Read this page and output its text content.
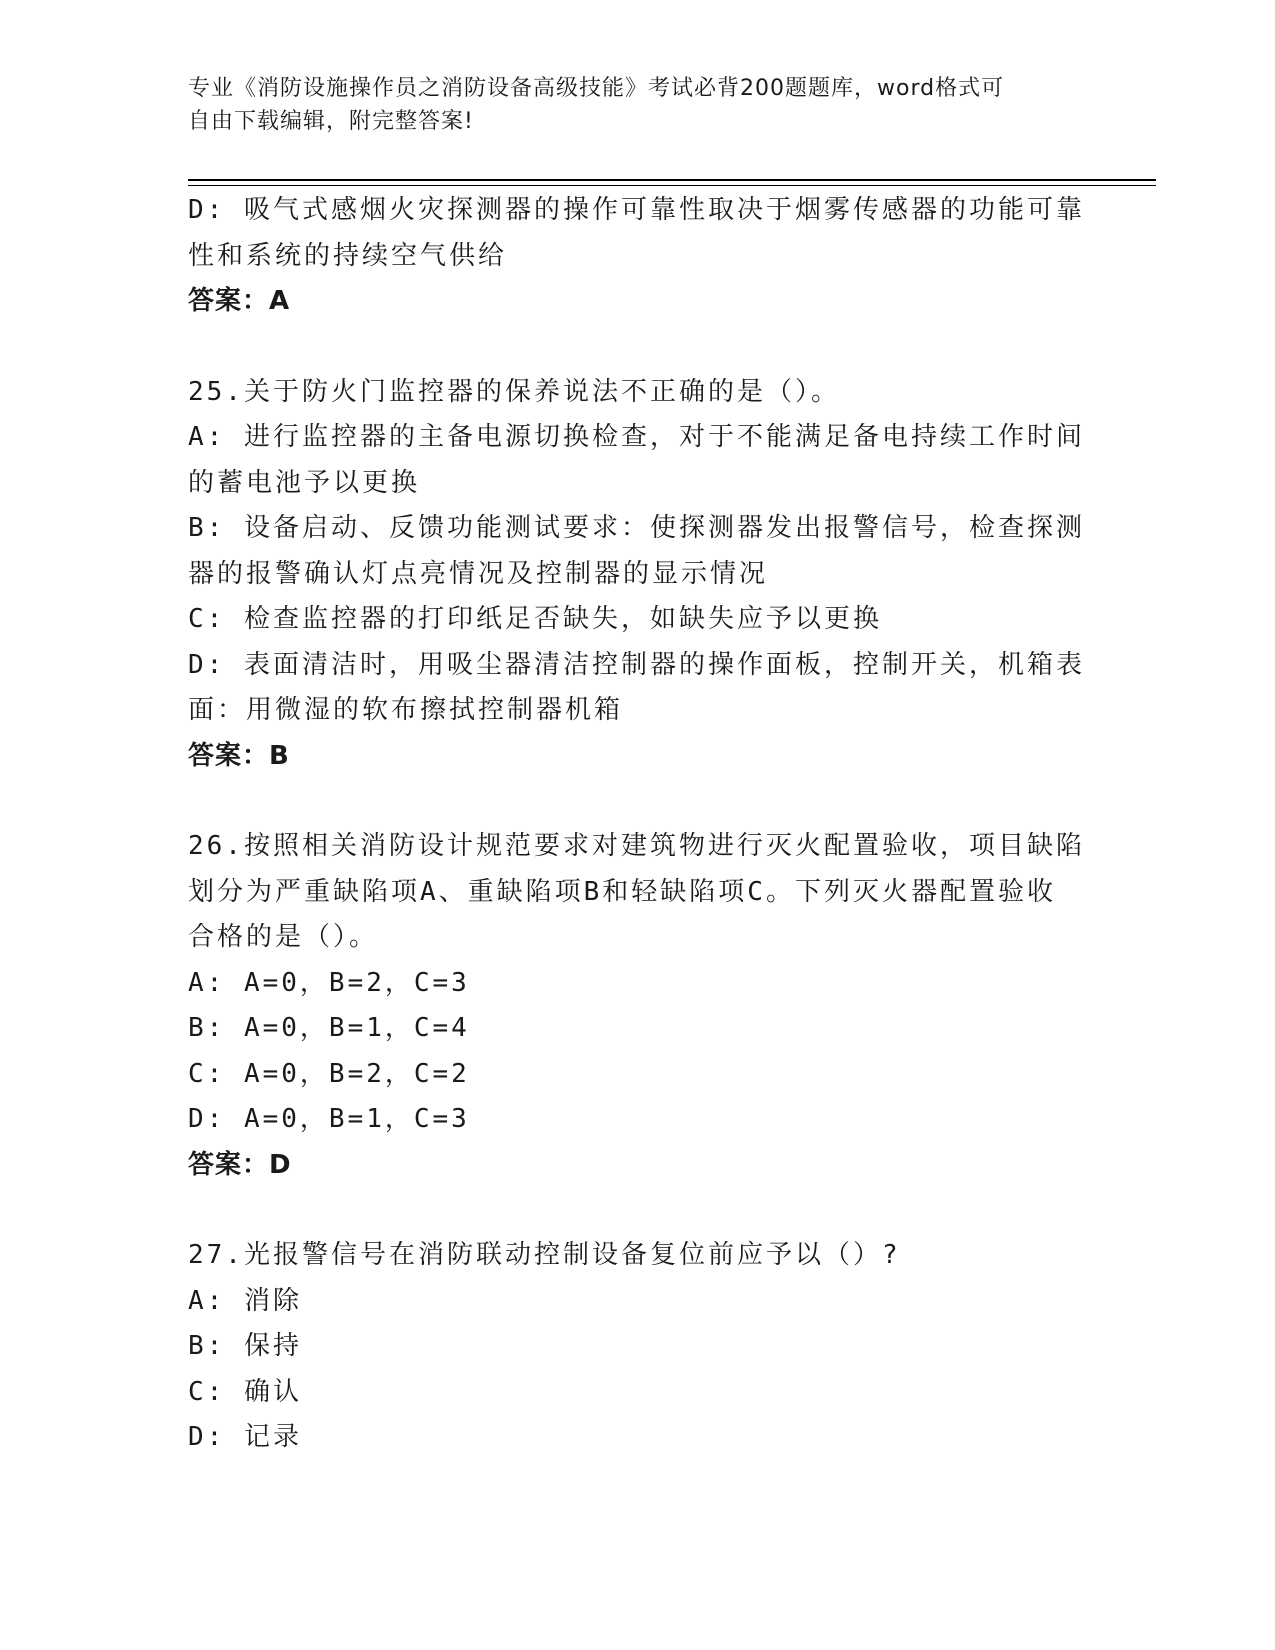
专业《消防设施操作员之消防设备高级技能》考试必背200题题库，word格式可
自由下载编辑，附完整答案!

D: 吸气式感烟火灾探测器的操作可靠性取决于烟雾传感器的功能可靠

性和系统的持续空气供给

答案：A

25.关于防火门监控器的保养说法不正确的是（）。

A: 进行监控器的主备电源切换检查，对于不能满足备电持续工作时间

的蓄电池予以更换

B: 设备启动、反馈功能测试要求：使探测器发出报警信号，检查探测

器的报警确认灯点亮情况及控制器的显示情况

C: 检查监控器的打印纸足否缺失，如缺失应予以更换

D: 表面清洁时，用吸尘器清洁控制器的操作面板，控制开关，机箱表

面：用微湿的软布擦拭控制器机箱

答案：B

26.按照相关消防设计规范要求对建筑物进行灭火配置验收，项目缺陷

划分为严重缺陷项A、重缺陷项B和轻缺陷项C。下列灭火器配置验收

合格的是（）。

A: A=0，B=2，C=3

B: A=0，B=1，C=4

C: A=0，B=2，C=2

D: A=0，B=1，C=3

答案：D

27.光报警信号在消防联动控制设备复位前应予以（）?

A: 消除

B: 保持

C: 确认

D: 记录
